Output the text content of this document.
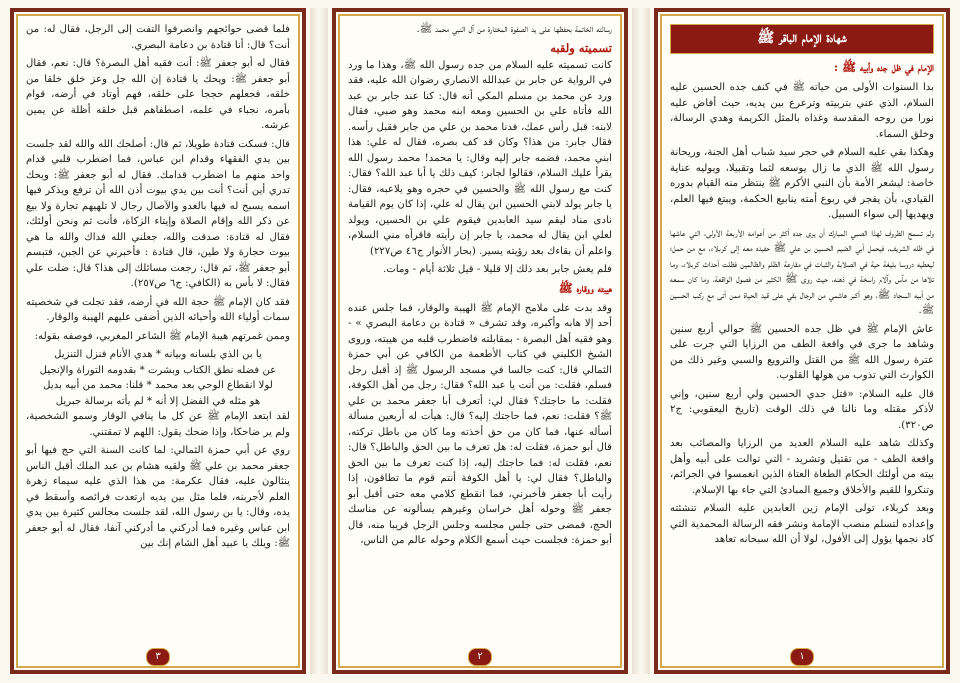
شهادة الإمام الباقر ﷺ
الإمام في ظل جده وأبيه ﷺ :

بدا السنوات الأولى من حياته ﷺ في كنف جده الحسين عليه السلام، الذي عني بتربيته وترعرع بين يديه، حيث أفاض عليه نورا من روحه المقدسة وغذاه بالمثل الكريمة وهدي الرسالة، وخلق السماء.

وهكذا بقي عليه السلام في حجر سيد شباب أهل الجنة، وريحانة رسول الله ﷺ الذي ما زال يوسعه لثما وتقبيلا، ويوليه عناية خاصة: ليشعر الأمة بأن النبي الأكرم ﷺ ينتظر منه القيام بدوره القيادي، بأن يفجر في ربوع أمته ينابيع الحكمة، ويبتغ فيها العلم، ويهديها إلى سواء السبيل.

ولم تسمح الظروف لهذا الصبي المبارك أن يرى جده أكثر من أعوامه الأربعة الأولى، التي عاشها في ظله الشريف، فيحمل أبي الضيم الحسين بن علي ﷺ حفيده معه إلى كربلاء، مع من حمل؛ ليعطيه دروسا بليغة حية في الصلابة والثبات في مقارعة الظلم والظالمين فظلت أحداث كربلاء، وما تلاها من مآس وآلام راسخة في ذهنه، حيث روى ﷺ الكثير من فصول الواقعة، وما كان سمعه من أبيه السجاد ﷺ، وهو أكبر هاشمي من الرجال بقي على قيد الحياة ممن أتى مع ركب الحسين ﷺ.

عاش الإمام ﷺ في ظل جده الحسين ﷺ حوالي أربع سنين وشاهد ما جرى في واقعة الطف من الرزايا التي جرت على عترة رسول الله ﷺ من القتل والترويع والسبي وغير ذلك من الكوارث التي تذوب من هولها القلوب.

قال عليه السلام: «قتل جدي الحسين ولي أربع سنين، وإني لأذكر مقتله وما نالنا في ذلك الوقت (تاريخ اليعقوبي: ج٢ ص٣٢٠).

وكذلك شاهد عليه السلام العديد من الرزايا والمصائب بعد واقعة الطف - من تقتيل وتشريد - التي توالت على أبيه وأهل بيته من أولئك الحكام الطغاة العتاة الذين انغمسوا في الجرائم، وتنكروا للقيم والأخلاق وجميع المبادئ التي جاء بها الإسلام.

وبعد كربلاء، تولى الإمام زين العابدين عليه السلام تنشئته وإعداده لتسلم منصب الإمامة ونشر فقه الرسالة المحمدية التي كاد نجمها يؤول إلى الأفول، لولا أن الله سبحانه تعاهد

١

رسالته الخاتمة بحفظها على يد الصفوة المختارة من آل النبي محمد ﷺ.

تسميته ولقبه

كانت تسميته عليه السلام من جده رسول الله ﷺ، وهذا ما ورد في الرواية عن جابر بن عبدالله الانصاري رضوان الله عليه، فقد ورد عن محمد بن مسلم المكي أنه قال: كنا عند جابر بن عبد الله فأتاه علي بن الحسين ومعه ابنه محمد وهو صبي، فقال لابنه: قبل رأس عمك، فدنا محمد بن علي من جابر فقبل رأسه. فقال جابر: من هذا؟ وكان قد كف بصره، فقال له علي: هذا ابني محمد، فضمه جابر إليه وقال: يا محمد! محمد رسول الله يقرأ عليك السلام، فقالوا لجابر: كيف ذلك يا أبا عبد الله؟ فقال: كنت مع رسول الله ﷺ والحسين في حجره وهو يلاعبه، فقال: يا جابر يولد لابني الحسين ابن يقال له علي، إذا كان يوم القيامة نادى مناد ليقم سيد العابدين فيقوم علي بن الحسين، ويولد لعلي ابن يقال له محمد، يا جابر إن رأيته فاقرأه مني السلام، واعلم أن بقاءك بعد رؤيته يسير. (بحار الأنوار ج٤٦ ص٢٢٧)

فلم يعش جابر بعد ذلك إلا قليلا - قيل ثلاثة أيام - ومات.

هيبته ووقاره ﷺ

وقد بدت على ملامح الإمام ﷺ الهيبة والوقار، فما جلس عنده أحد إلا هابه وأكبره، وقد تشرف « قتادة بن دعامة البصري » - وهو فقيه أهل البصرة - بمقابلته فاضطرب قلبه من هيبته، وروى الشيخ الكليني في كتاب الأطعمة من الكافي عن أبي حمزة الثمالي قال: كنت جالسا في مسجد الرسول ﷺ إذ أقبل رجل فسلم، فقلت: من أنت يا عبد الله؟ فقال: رجل من أهل الكوفة، فقلت: ما حاجتك؟ فقال لي: أتعرف أبا جعفر محمد بن علي ﷺ؟ فقلت: نعم، فما حاجتك إليه؟ قال: هيأت له أربعين مسألة أسأله عنها، فما كان من حق أخذته وما كان من باطل تركته، قال أبو حمزة، فقلت له: هل تعرف ما بين الحق والباطل؟ قال: نعم، فقلت له: فما حاجتك إليه، إذا كنت تعرف ما بين الحق والباطل؟ فقال لي: يا أهل الكوفة أنتم قوم ما تطاقون، إذا رأيت أبا جعفر فأخبرني، فما انقطع كلامي معه حتى أقبل أبو جعفر ﷺ وحوله أهل خراسان وغيرهم يسألونه عن مناسك الحج، فمضى حتى جلس مجلسه وجلس الرجل قريبا منه، قال أبو حمزة: فجلست حيث أسمع الكلام وحوله عالم من الناس،

٢

فلما قضى حوائجهم وانصرفوا التفت إلى الرجل، فقال له: من أنت؟ قال: أنا قتادة بن دعامة البصري.

فقال له أبو جعفر ﷺ: أنت فقيه أهل البصرة؟ قال: نعم، فقال أبو جعفر ﷺ: ويحك يا قتادة إن الله جل وعز خلق خلقا من خلقه، فجعلهم حججا على خلقه، فهم أوتاد في أرضه، قوام بأمره، نجباء في علمه، اصطفاهم قبل خلقه أظلة عن يمين عرشه.

قال: فسكت قتادة طويلا، ثم قال: أصلحك الله والله لقد جلست بين يدي الفقهاء وقدام ابن عباس، فما اضطرب قلبي قدام واحد منهم ما اضطرب قدامك. فقال له أبو جعفر ﷺ: ويحك تدري أين أنت؟ أنت بين يدي بيوت أذن الله أن ترفع ويذكر فيها اسمه يسبح له فيها بالغدو والآصال رجال لا تلهيهم تجارة ولا بيع عن ذكر الله وإقام الصلاة وإيتاء الزكاة، فأنت ثم ونحن أولئك، فقال له قتادة: صدقت والله، جعلني الله فداك والله ما هي بيوت حجارة ولا طين، قال قتادة : فأخبرني عن الجبن، فتبسم أبو جعفر ﷺ، ثم قال: رجعت مسائلك إلى هذا؟ قال: ضلت علي فقال: لا بأس به (الكافي: ج٦ ص٢٥٧).

فقد كان الإمام ﷺ حجة الله في أرضه، فقد تجلت في شخصيته سمات أولياء الله وأحبائه الذين أضفى عليهم الهيبة والوقار.

وممن غمرتهم هيبة الإمام ﷺ الشاعر المغربي، فوصفه بقوله:

يا بن الذي بلسانه وبيانه * هدي الأنام فنزل التنزيل

عن فضله نطق الكتاب وبشرت * بقدومه التوراة والإنجيل

لولا انقطاع الوحي بعد محمد * قلنا: محمد من أبيه بديل

هو مثله في الفضل إلا أنه * لم يأته برسالة جبريل

لقد ابتعد الإمام ﷺ عن كل ما ينافي الوقار وسمو الشخصية، ولم ير ضاحكا، وإذا ضحك يقول: اللهم لا تمقتني.

روي عن أبي حمزة الثمالي: لما كانت السنة التي حج فيها أبو جعفر محمد بن علي ﷺ ولقيه هشام بن عبد الملك أقبل الناس ينثالون عليه، فقال عكرمة: من هذا الذي عليه سيماء زهرة العلم لأجربنه، فلما مثل بين يديه ارتعدت فرائصه وأسقط في يده، وقال: يا بن رسول الله، لقد جلست مجالس كثيرة بين يدي ابن عباس وغيره فما أدركني ما أدركني آنفا، فقال له أبو جعفر ﷺ: ويلك يا عبيد أهل الشام إنك بين

٣
